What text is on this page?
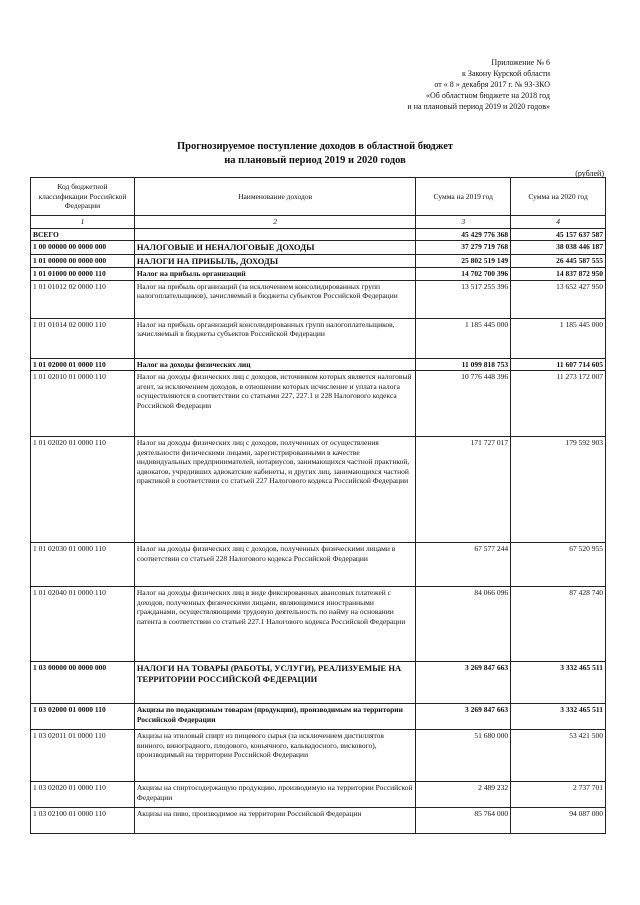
Приложение № 6
к Закону Курской области
от « 8 » декабря 2017 г. № 93-ЗКО
«Об областном бюджете на 2018 год
и на плановый период 2019 и 2020 годов»
Прогнозируемое поступление доходов в областной бюджет
на плановый период 2019 и 2020 годов
(рублей)
Код бюджетной классификации Российской Федерации	Наименование доходов	Сумма на 2019 год	Сумма на 2020 год
1	2	3	4
ВСЕГО		45 429 776 368	45 157 637 587
1 00 00000 00 0000 000	НАЛОГОВЫЕ И НЕНАЛОГОВЫЕ ДОХОДЫ	37 279 719 768	38 038 446 187
1 01 00000 00 0000 000	НАЛОГИ НА ПРИБЫЛЬ, ДОХОДЫ	25 802 519 149	26 445 587 555
1 01 01000 00 0000 110	Налог на прибыль организаций	14 702 700 396	14 837 872 950
1 01 01012 02 0000 110	Налог на прибыль организаций (за исключением консолидированных групп налогоплательщиков), зачисляемый в бюджеты субъектов Российской Федерации	13 517 255 396	13 652 427 950
1 01 01014 02 0000 110	Налог на прибыль организаций консолидированных групп налогоплательщиков, зачисляемый в бюджеты субъектов Российской Федерации	1 185 445 000	1 185 445 000
1 01 02000 01 0000 110	Налог на доходы физических лиц	11 099 818 753	11 607 714 605
1 01 02010 01 0000 110	Налог на доходы физических лиц с доходов, источником которых является налоговый агент, за исключением доходов, в отношении которых исчисление и уплата налога осуществляются в соответствии со статьями 227, 227.1 и 228 Налогового кодекса Российской Федерации	10 776 448 396	11 273 172 007
1 01 02020 01 0000 110	Налог на доходы физических лиц с доходов, полученных от осуществления деятельности физическими лицами, зарегистрированными в качестве индивидуальных предпринимателей, нотариусов, занимающихся частной практикой, адвокатов, учредивших адвокатские кабинеты, и других лиц, занимающихся частной практикой в соответствии со статьей 227 Налогового кодекса Российской Федерации	171 727 017	179 592 903
1 01 02030 01 0000 110	Налог на доходы физических лиц с доходов, полученных физическими лицами в соответствии со статьей 228 Налогового кодекса Российской Федерации	67 577 244	67 520 955
1 01 02040 01 0000 110	Налог на доходы физических лиц в виде фиксированных авансовых платежей с доходов, полученных физическими лицами, являющимися иностранными гражданами, осуществляющими трудовую деятельность по найму на основании патента в соответствии со статьей 227.1 Налогового кодекса Российской Федерации	84 066 096	87 428 740
1 03 00000 00 0000 000	НАЛОГИ НА ТОВАРЫ (РАБОТЫ, УСЛУГИ), РЕАЛИЗУЕМЫЕ НА ТЕРРИТОРИИ РОССИЙСКОЙ ФЕДЕРАЦИИ	3 269 847 663	3 332 465 511
1 03 02000 01 0000 110	Акцизы по подакцизным товарам (продукции), производимым на территории Российской Федерации	3 269 847 663	3 332 465 511
1 03 02011 01 0000 110	Акцизы на этиловый спирт из пищевого сырья (за исключением дистиллятов винного, виноградного, плодового, коньячного, кальвадосного, вискового), производимый на территории Российской Федерации	51 680 000	53 421 500
1 03 02020 01 0000 110	Акцизы на спиртосодержащую продукцию, производимую на территории Российской Федерации	2 489 232	2 737 701
1 03 02100 01 0000 110	Акцизы на пиво, производимое на территории Российской Федерации	85 764 000	94 087 000
